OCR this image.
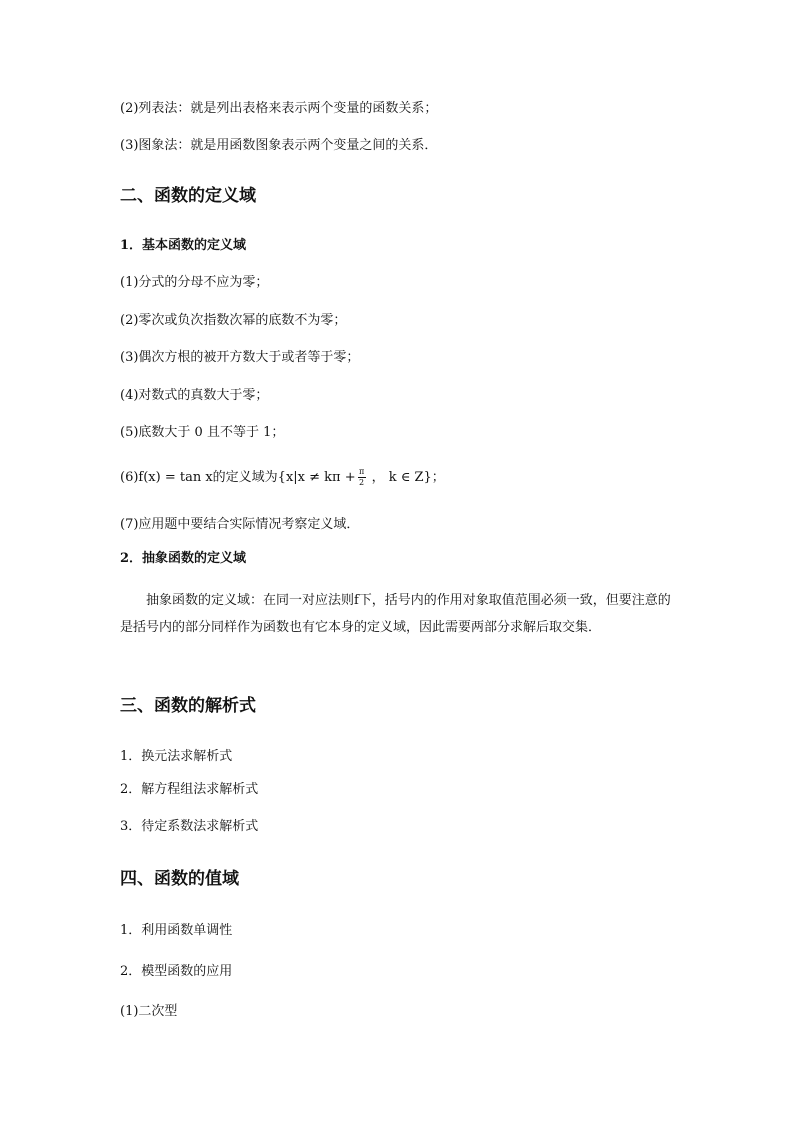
(2)列表法：就是列出表格来表示两个变量的函数关系；
(3)图象法：就是用函数图象表示两个变量之间的关系．
二、函数的定义域
1．基本函数的定义域
(1)分式的分母不应为零；
(2)零次或负次指数次幂的底数不为零；
(3)偶次方根的被开方数大于或者等于零；
(4)对数式的真数大于零；
(5)底数大于 0 且不等于 1；
(6)f(x) = tan x的定义域为{$x|x \ne k\pi + \frac{\pi}{2}$ ， k ∈ Z}；
(7)应用题中要结合实际情况考察定义域．
2．抽象函数的定义域
抽象函数的定义域：在同一对应法则f下，括号内的作用对象取值范围必须一致，但要注意的是括号内的部分同样作为函数也有它本身的定义域，因此需要两部分求解后取交集．
三、函数的解析式
1．换元法求解析式
2．解方程组法求解析式
3．待定系数法求解析式
四、函数的值域
1．利用函数单调性
2．模型函数的应用
(1)二次型
